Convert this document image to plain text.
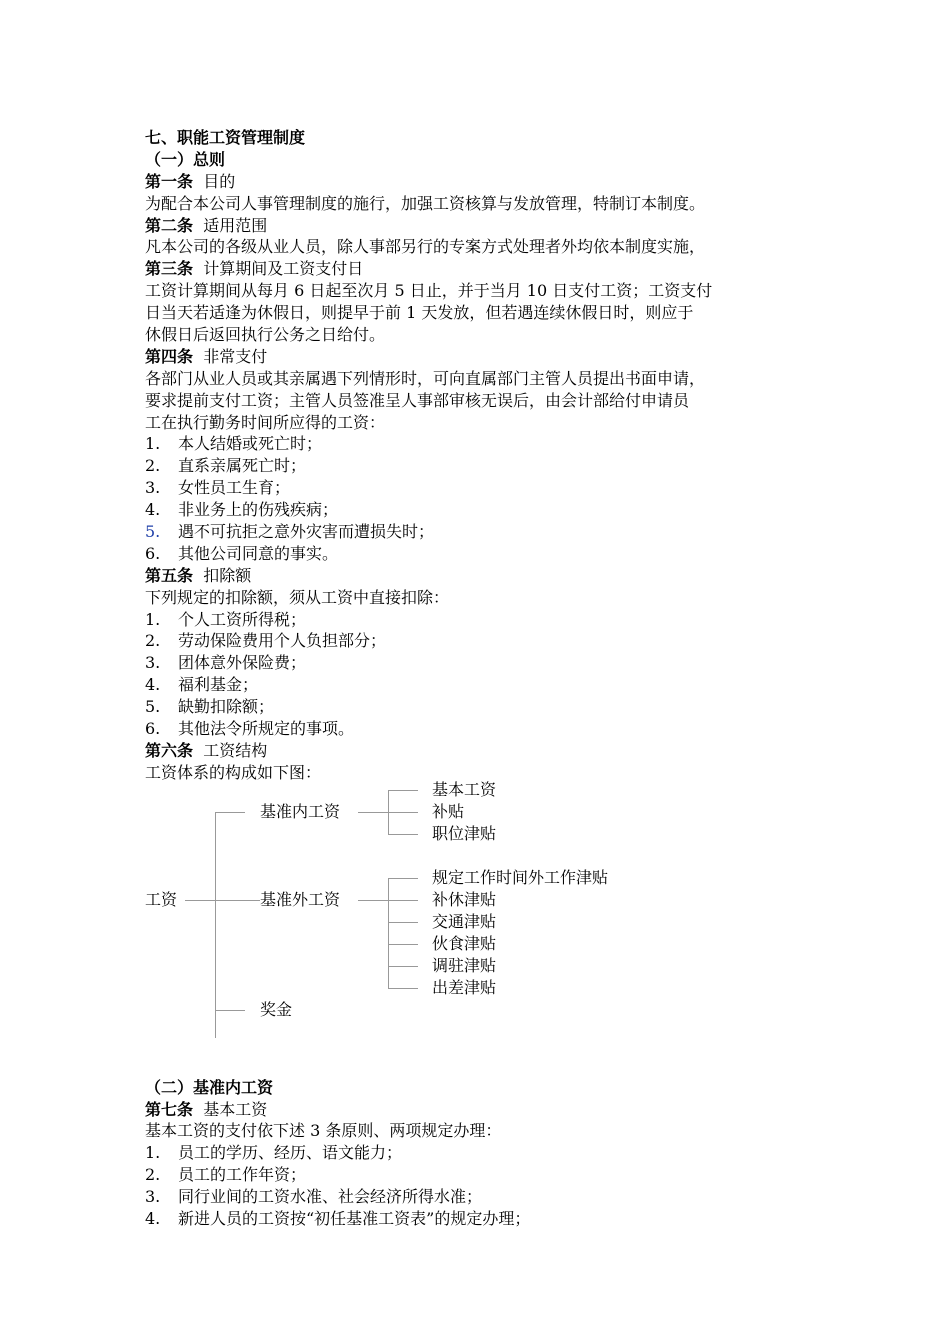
七、职能工资管理制度
（一）总则
第一条 目的
为配合本公司人事管理制度的施行，加强工资核算与发放管理，特制订本制度。
第二条 适用范围
凡本公司的各级从业人员，除人事部另行的专案方式处理者外均依本制度实施，
第三条 计算期间及工资支付日
工资计算期间从每月 6 日起至次月 5 日止，并于当月 10 日支付工资；工资支付
日当天若适逢为休假日，则提早于前 1 天发放，但若遇连续休假日时，则应于
休假日后返回执行公务之日给付。
第四条 非常支付
各部门从业人员或其亲属遇下列情形时，可向直属部门主管人员提出书面申请，
要求提前支付工资；主管人员签准呈人事部审核无误后，由会计部给付申请员
工在执行勤务时间所应得的工资：
1. 本人结婚或死亡时；
2. 直系亲属死亡时；
3. 女性员工生育；
4. 非业务上的伤残疾病；
5. 遇不可抗拒之意外灾害而遭损失时；
6. 其他公司同意的事实。
第五条 扣除额
下列规定的扣除额，须从工资中直接扣除：
1. 个人工资所得税；
2. 劳动保险费用个人负担部分；
3. 团体意外保险费；
4. 福利基金；
5. 缺勤扣除额；
6. 其他法令所规定的事项。
第六条 工资结构
工资体系的构成如下图：
工资
基准内工资
基本工资
补贴
职位津贴
基准外工资
规定工作时间外工作津贴
补休津贴
交通津贴
伙食津贴
调驻津贴
出差津贴
奖金
（二）基准内工资
第七条 基本工资
基本工资的支付依下述 3 条原则、两项规定办理：
1. 员工的学历、经历、语文能力；
2. 员工的工作年资；
3. 同行业间的工资水准、社会经济所得水准；
4. 新进人员的工资按“初任基准工资表”的规定办理；
